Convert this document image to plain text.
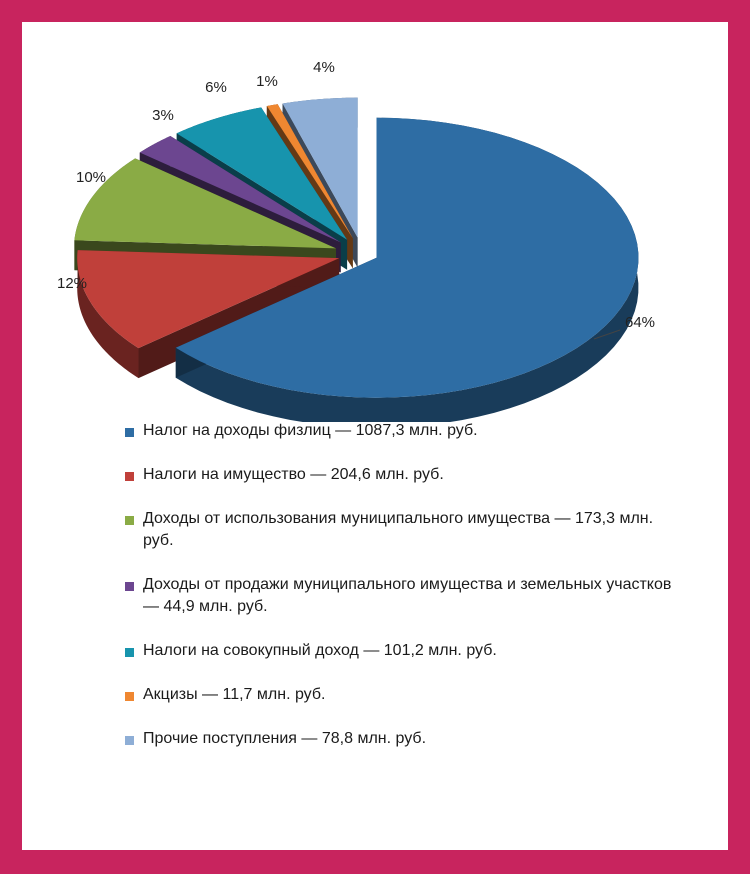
64%
12%
10%
3%
6% 1%
4%
Налог на доходы физлиц — 1087,3 млн. руб.
Налоги на имущество — 204,6 млн. руб.
Доходы от использования муниципального имущества — 173,3 млн. руб.
Доходы от продажи муниципального имущества и земельных участков — 44,9 млн. руб.
Налоги на совокупный доход — 101,2 млн. руб.
Акцизы — 11,7 млн. руб.
Прочие поступления — 78,8 млн. руб.
